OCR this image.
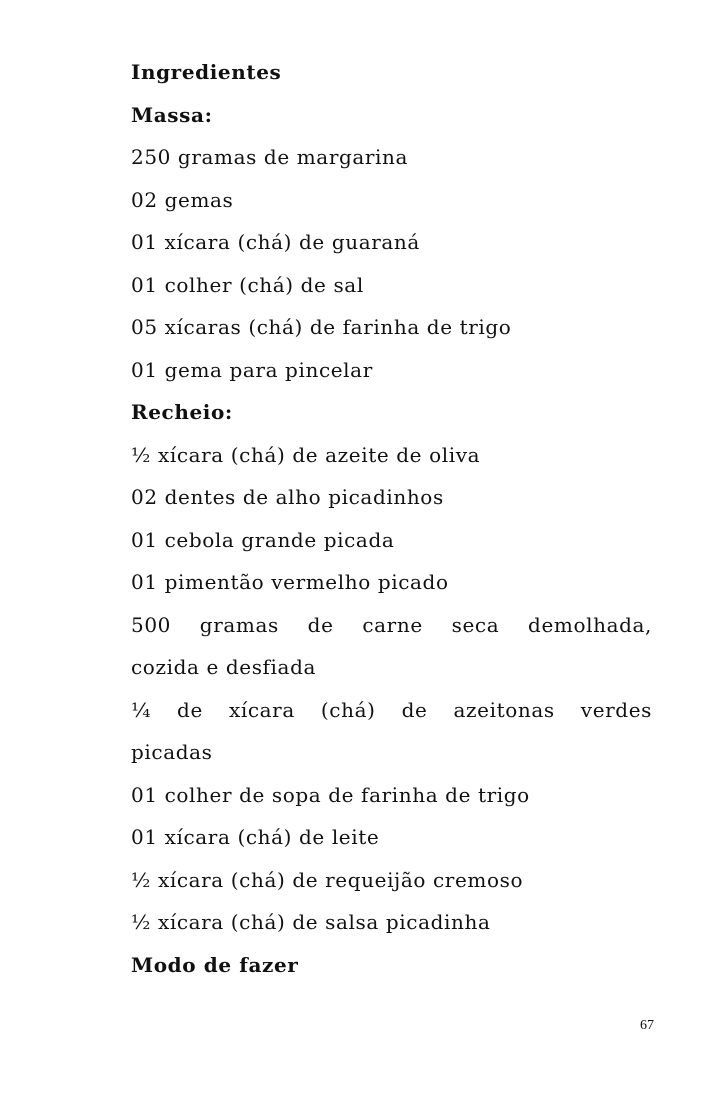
Ingredientes
Massa:
250 gramas de margarina
02 gemas
01 xícara (chá) de guaraná
01 colher (chá) de sal
05 xícaras (chá) de farinha de trigo
01 gema para pincelar
Recheio:
½ xícara (chá) de azeite de oliva
02 dentes de alho picadinhos
01 cebola grande picada
01 pimentão vermelho picado
500 gramas de carne seca demolhada,
cozida e desfiada
¼ de xícara (chá) de azeitonas verdes
picadas
01 colher de sopa de farinha de trigo
01 xícara (chá) de leite
½ xícara (chá) de requeijão cremoso
½ xícara (chá) de salsa picadinha
Modo de fazer
67
